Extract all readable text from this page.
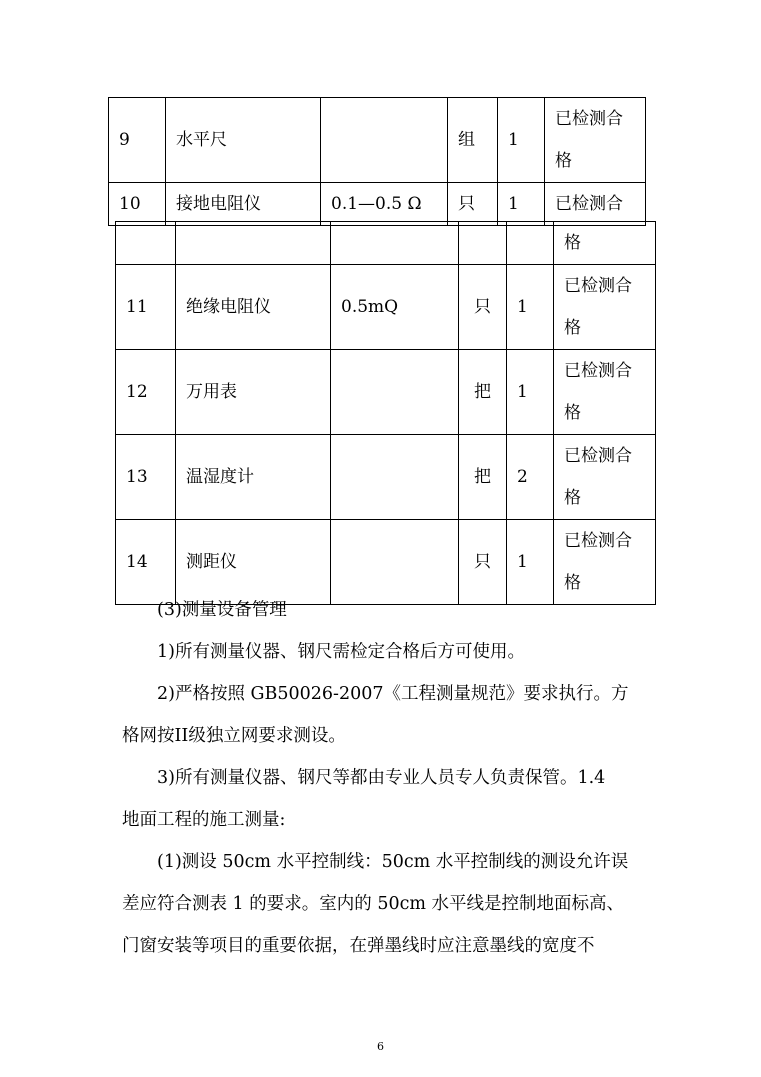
9	水平尺		组	1	已检测合
格

10	接地电阻仪	0.1—0.5 Ω	只	1	已检测合
					格
11	绝缘电阻仪	0.5mQ	只	1	已检测合
格

12	万用表		把	1	已检测合
格

13	温湿度计		把	2	已检测合
格

14	测距仪		只	1	已检测合
格

(3)测量设备管理

1)所有测量仪器、钢尺需检定合格后方可使用。

2)严格按照 GB50026-2007《工程测量规范》要求执行。方

格网按II级独立网要求测设。

3)所有测量仪器、钢尺等都由专业人员专人负责保管。1.4

地面工程的施工测量:

(1)测设 50cm 水平控制线：50cm 水平控制线的测设允许误

差应符合测表 1 的要求。室内的 50cm 水平线是控制地面标高、

门窗安装等项目的重要依据，在弹墨线时应注意墨线的宽度不

6
